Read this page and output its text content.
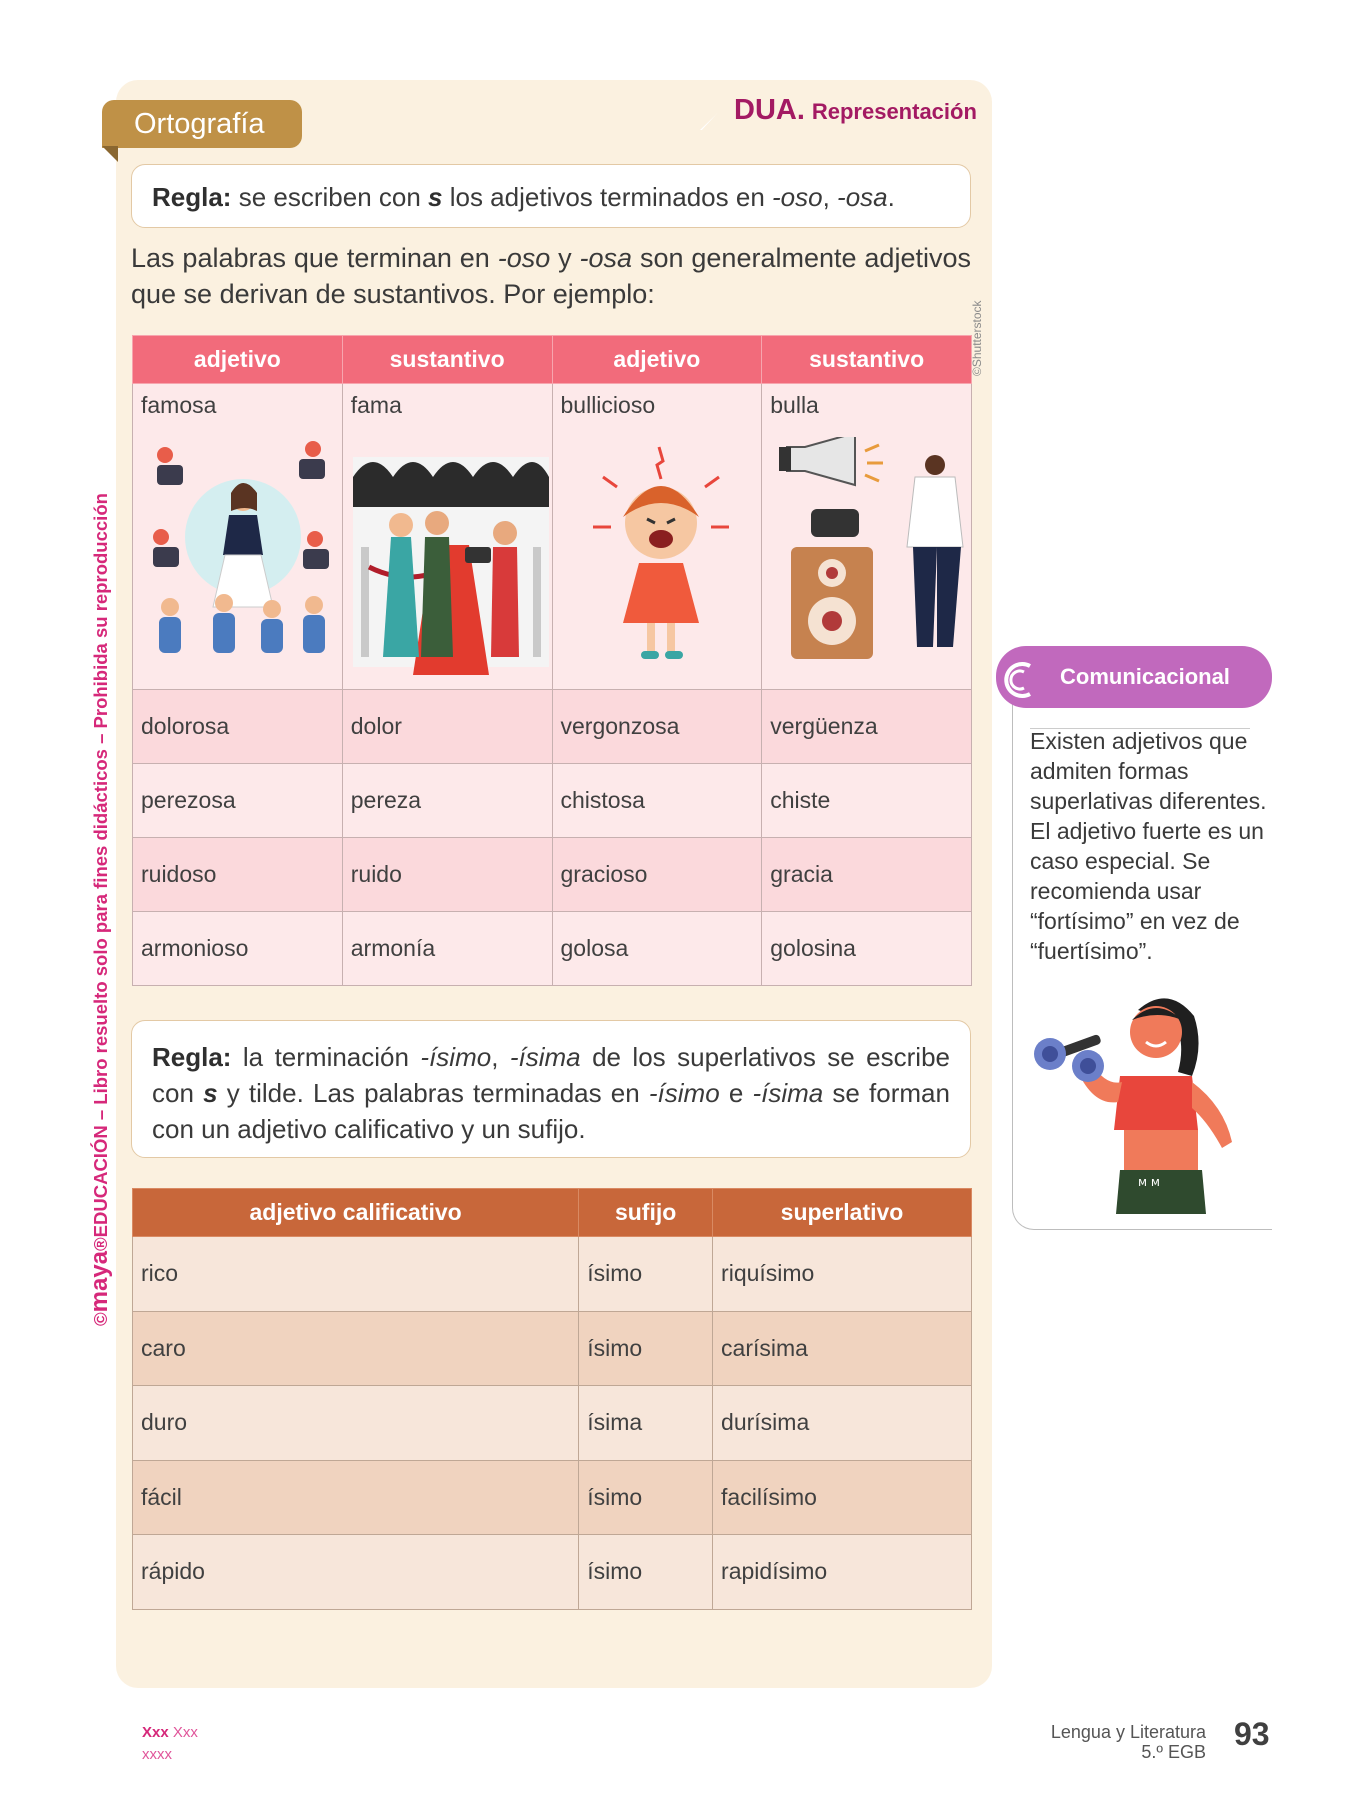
DUA. Representación
Ortografía
Regla: se escriben con s los adjetivos terminados en -oso, -osa.
Las palabras que terminan en -oso y -osa son generalmente adjetivos que se derivan de sustantivos. Por ejemplo:
adjetivo	sustantivo	adjetivo	sustantivo

famosa	fama	bullicioso	bulla

dolorosa	dolor	vergonzosa	vergüenza
perezosa	pereza	chistosa	chiste
ruidoso	ruido	gracioso	gracia
armonioso	armonía	golosa	golosina
©Shutterstock
Regla: la terminación -ísimo, -ísima de los superlativos se escribe con s y tilde. Las palabras terminadas en -ísimo e -ísima se forman con un adjetivo calificativo y un sufijo.
adjetivo calificativo	sufijo	superlativo
rico	ísimo	riquísimo
caro	ísimo	carísima
duro	ísima	durísima
fácil	ísimo	facilísimo
rápido	ísimo	rapidísimo
©maya®EDUCACIÓN – Libro resuelto solo para fines didácticos – Prohibida su reproducción	Comunicacional
Existen adjetivos que admiten formas superlativas diferentes. El adjetivo fuerte es un caso especial. Se recomienda usar “fortísimo” en vez de “fuertísimo”.
ᴍ ᴍ
Xxx Xxx
xxxx
Lengua y Literatura
5.º EGB 93
